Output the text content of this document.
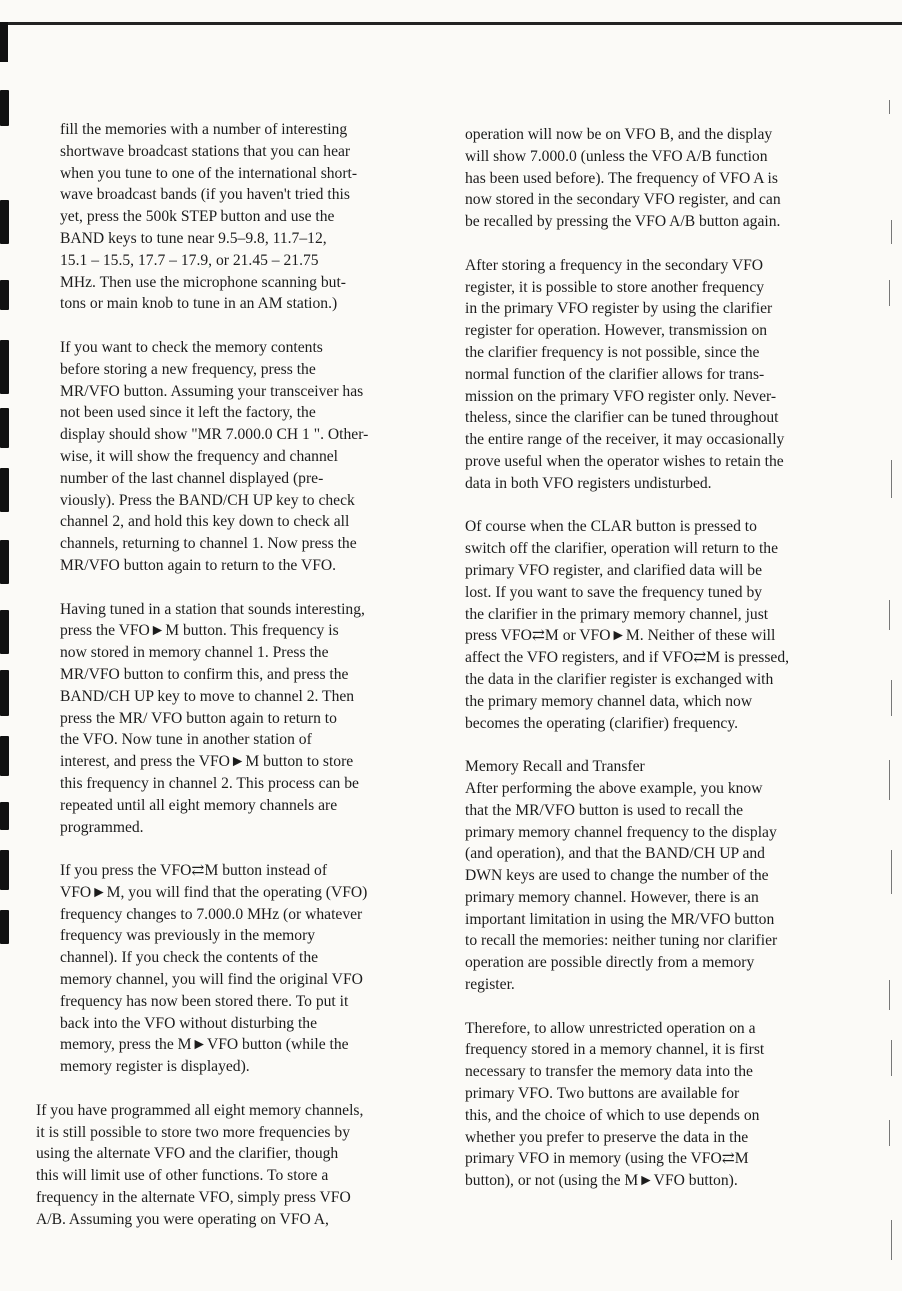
fill the memories with a number of interesting
shortwave broadcast stations that you can hear
when you tune to one of the international short-
wave broadcast bands (if you haven't tried this
yet, press the 500k STEP button and use the
BAND keys to tune near 9.5–9.8, 11.7–12,
15.1 – 15.5, 17.7 – 17.9, or 21.45 – 21.75
MHz. Then use the microphone scanning but-
tons or main knob to tune in an AM station.)

If you want to check the memory contents
before storing a new frequency, press the
MR/VFO button. Assuming your transceiver has
not been used since it left the factory, the
display should show "MR 7.000.0 CH 1 ". Other-
wise, it will show the frequency and channel
number of the last channel displayed (pre-
viously). Press the BAND/CH UP key to check
channel 2, and hold this key down to check all
channels, returning to channel 1. Now press the
MR/VFO button again to return to the VFO.

Having tuned in a station that sounds interesting,
press the VFO►M button. This frequency is
now stored in memory channel 1. Press the
MR/VFO button to confirm this, and press the
BAND/CH UP key to move to channel 2. Then
press the MR/ VFO button again to return to
the VFO. Now tune in another station of
interest, and press the VFO►M button to store
this frequency in channel 2. This process can be
repeated until all eight memory channels are
programmed.

If you press the VFO⇄M button instead of
VFO►M, you will find that the operating (VFO)
frequency changes to 7.000.0 MHz (or whatever
frequency was previously in the memory
channel). If you check the contents of the
memory channel, you will find the original VFO
frequency has now been stored there. To put it
back into the VFO without disturbing the
memory, press the M►VFO button (while the
memory register is displayed).

If you have programmed all eight memory channels,
it is still possible to store two more frequencies by
using the alternate VFO and the clarifier, though
this will limit use of other functions. To store a
frequency in the alternate VFO, simply press VFO
A/B. Assuming you were operating on VFO A,

operation will now be on VFO B, and the display
will show 7.000.0 (unless the VFO A/B function
has been used before). The frequency of VFO A is
now stored in the secondary VFO register, and can
be recalled by pressing the VFO A/B button again.

After storing a frequency in the secondary VFO
register, it is possible to store another frequency
in the primary VFO register by using the clarifier
register for operation. However, transmission on
the clarifier frequency is not possible, since the
normal function of the clarifier allows for trans-
mission on the primary VFO register only. Never-
theless, since the clarifier can be tuned throughout
the entire range of the receiver, it may occasionally
prove useful when the operator wishes to retain the
data in both VFO registers undisturbed.

Of course when the CLAR button is pressed to
switch off the clarifier, operation will return to the
primary VFO register, and clarified data will be
lost. If you want to save the frequency tuned by
the clarifier in the primary memory channel, just
press VFO⇄M or VFO►M. Neither of these will
affect the VFO registers, and if VFO⇄M is pressed,
the data in the clarifier register is exchanged with
the primary memory channel data, which now
becomes the operating (clarifier) frequency.

Memory Recall and Transfer

After performing the above example, you know
that the MR/VFO button is used to recall the
primary memory channel frequency to the display
(and operation), and that the BAND/CH UP and
DWN keys are used to change the number of the
primary memory channel. However, there is an
important limitation in using the MR/VFO button
to recall the memories: neither tuning nor clarifier
operation are possible directly from a memory
register.

Therefore, to allow unrestricted operation on a
frequency stored in a memory channel, it is first
necessary to transfer the memory data into the
primary VFO. Two buttons are available for
this, and the choice of which to use depends on
whether you prefer to preserve the data in the
primary VFO in memory (using the VFO⇄M
button), or not (using the M►VFO button).
